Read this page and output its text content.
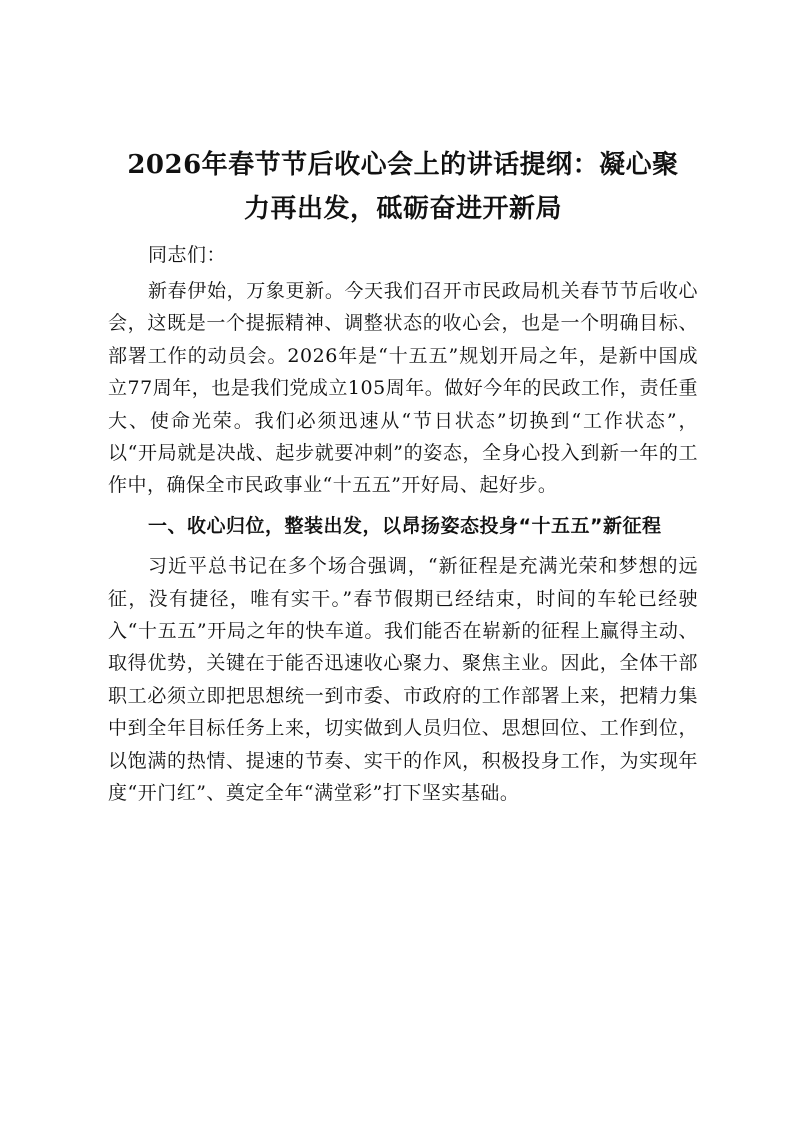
2026年春节节后收心会上的讲话提纲：凝心聚
力再出发，砥砺奋进开新局

同志们：

新春伊始，万象更新。今天我们召开市民政局机关春节节后收心会，这既是一个提振精神、调整状态的收心会，也是一个明确目标、部署工作的动员会。2026年是“十五五”规划开局之年，是新中国成立77周年，也是我们党成立105周年。做好今年的民政工作，责任重大、使命光荣。我们必须迅速从“节日状态”切换到“工作状态”，以“开局就是决战、起步就要冲刺”的姿态，全身心投入到新一年的工作中，确保全市民政事业“十五五”开好局、起好步。

一、收心归位，整装出发，以昂扬姿态投身“十五五”新征程

习近平总书记在多个场合强调，“新征程是充满光荣和梦想的远征，没有捷径，唯有实干。”春节假期已经结束，时间的车轮已经驶入“十五五”开局之年的快车道。我们能否在崭新的征程上赢得主动、取得优势，关键在于能否迅速收心聚力、聚焦主业。因此，全体干部职工必须立即把思想统一到市委、市政府的工作部署上来，把精力集中到全年目标任务上来，切实做到人员归位、思想回位、工作到位，以饱满的热情、提速的节奏、实干的作风，积极投身工作，为实现年度“开门红”、奠定全年“满堂彩”打下坚实基础。
